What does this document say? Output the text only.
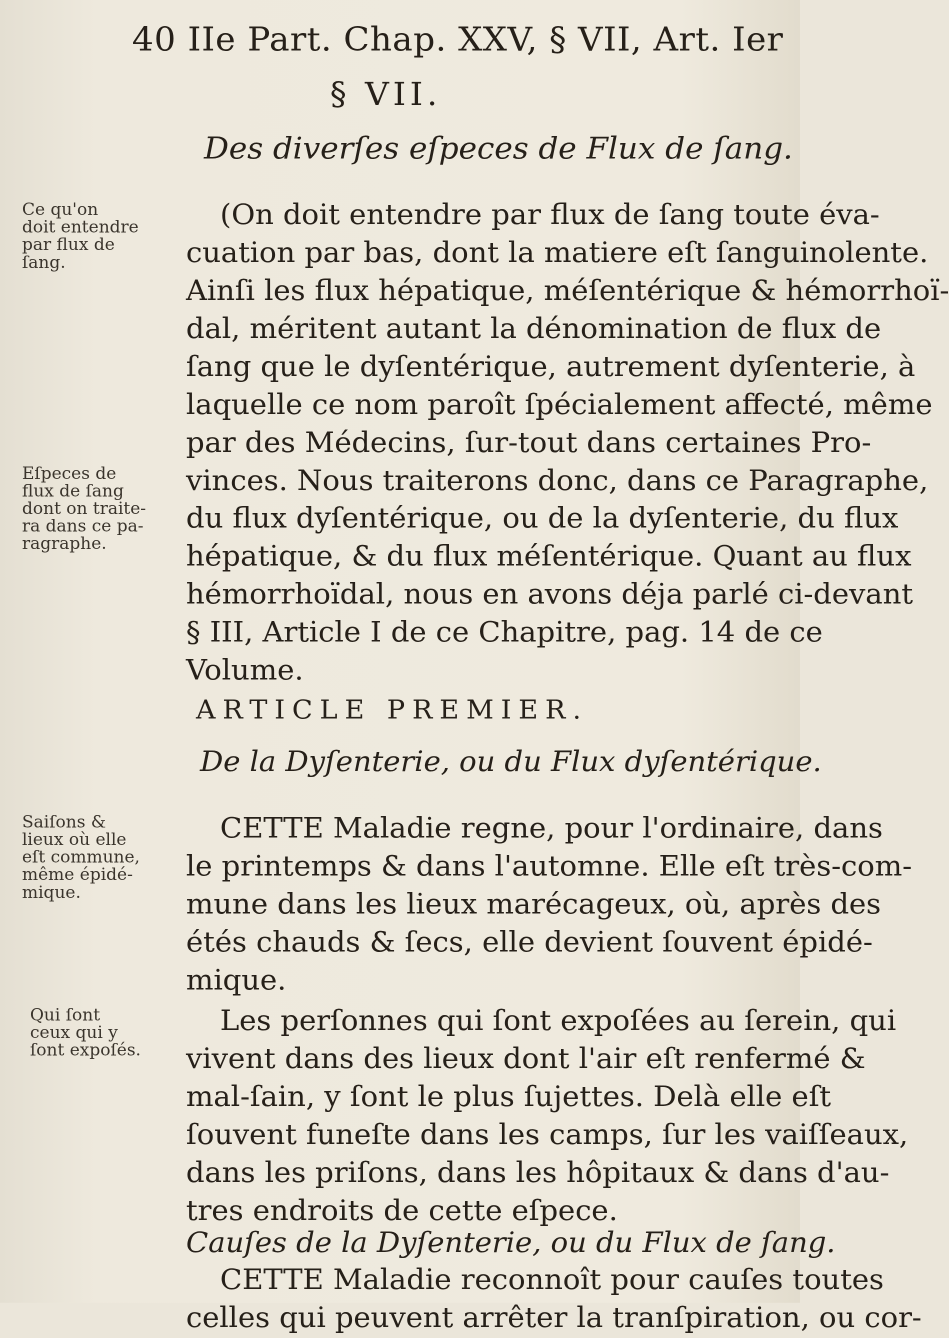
40 IIe Part. Chap. XXV, § VII, Art. Ier
§ VII.
Des diverſes eſpeces de Flux de ſang.
Ce qu'on
doit entendre
par flux de
ſang.
(On doit entendre par flux de ſang toute éva-
cuation par bas, dont la matiere eſt ſanguinolente.
Ainſi les flux hépatique, méſentérique & hémorrhoï-
dal, méritent autant la dénomination de flux de
ſang que le dyſentérique, autrement dyſenterie, à
laquelle ce nom paroît ſpécialement affecté, même
par des Médecins, ſur-tout dans certaines Pro-
vinces. Nous traiterons donc, dans ce Paragraphe,
du flux dyſentérique, ou de la dyſenterie, du flux
hépatique, & du flux méſentérique. Quant au flux
hémorrhoïdal, nous en avons déja parlé ci-devant
§ III, Article I de ce Chapitre, pag. 14 de ce
Volume.
Eſpeces de
flux de ſang
dont on traite-
ra dans ce pa-
ragraphe.
ARTICLE PREMIER.
De la Dyſenterie, ou du Flux dyſentérique.
Saiſons &
lieux où elle
eſt commune,
même épidé-
mique.
CETTE Maladie regne, pour l'ordinaire, dans
le printemps & dans l'automne. Elle eſt très-com-
mune dans les lieux marécageux, où, après des
étés chauds & ſecs, elle devient ſouvent épidé-
mique.
Qui ſont
ceux qui y
ſont expoſés.
Les perſonnes qui ſont expoſées au ſerein, qui
vivent dans des lieux dont l'air eſt renfermé &
mal-ſain, y ſont le plus ſujettes. Delà elle eſt
ſouvent funeſte dans les camps, ſur les vaiſſeaux,
dans les priſons, dans les hôpitaux & dans d'au-
tres endroits de cette eſpece.
Cauſes de la Dyſenterie, ou du Flux de ſang.
CETTE Maladie reconnoît pour cauſes toutes
celles qui peuvent arrêter la tranſpiration, ou cor-
